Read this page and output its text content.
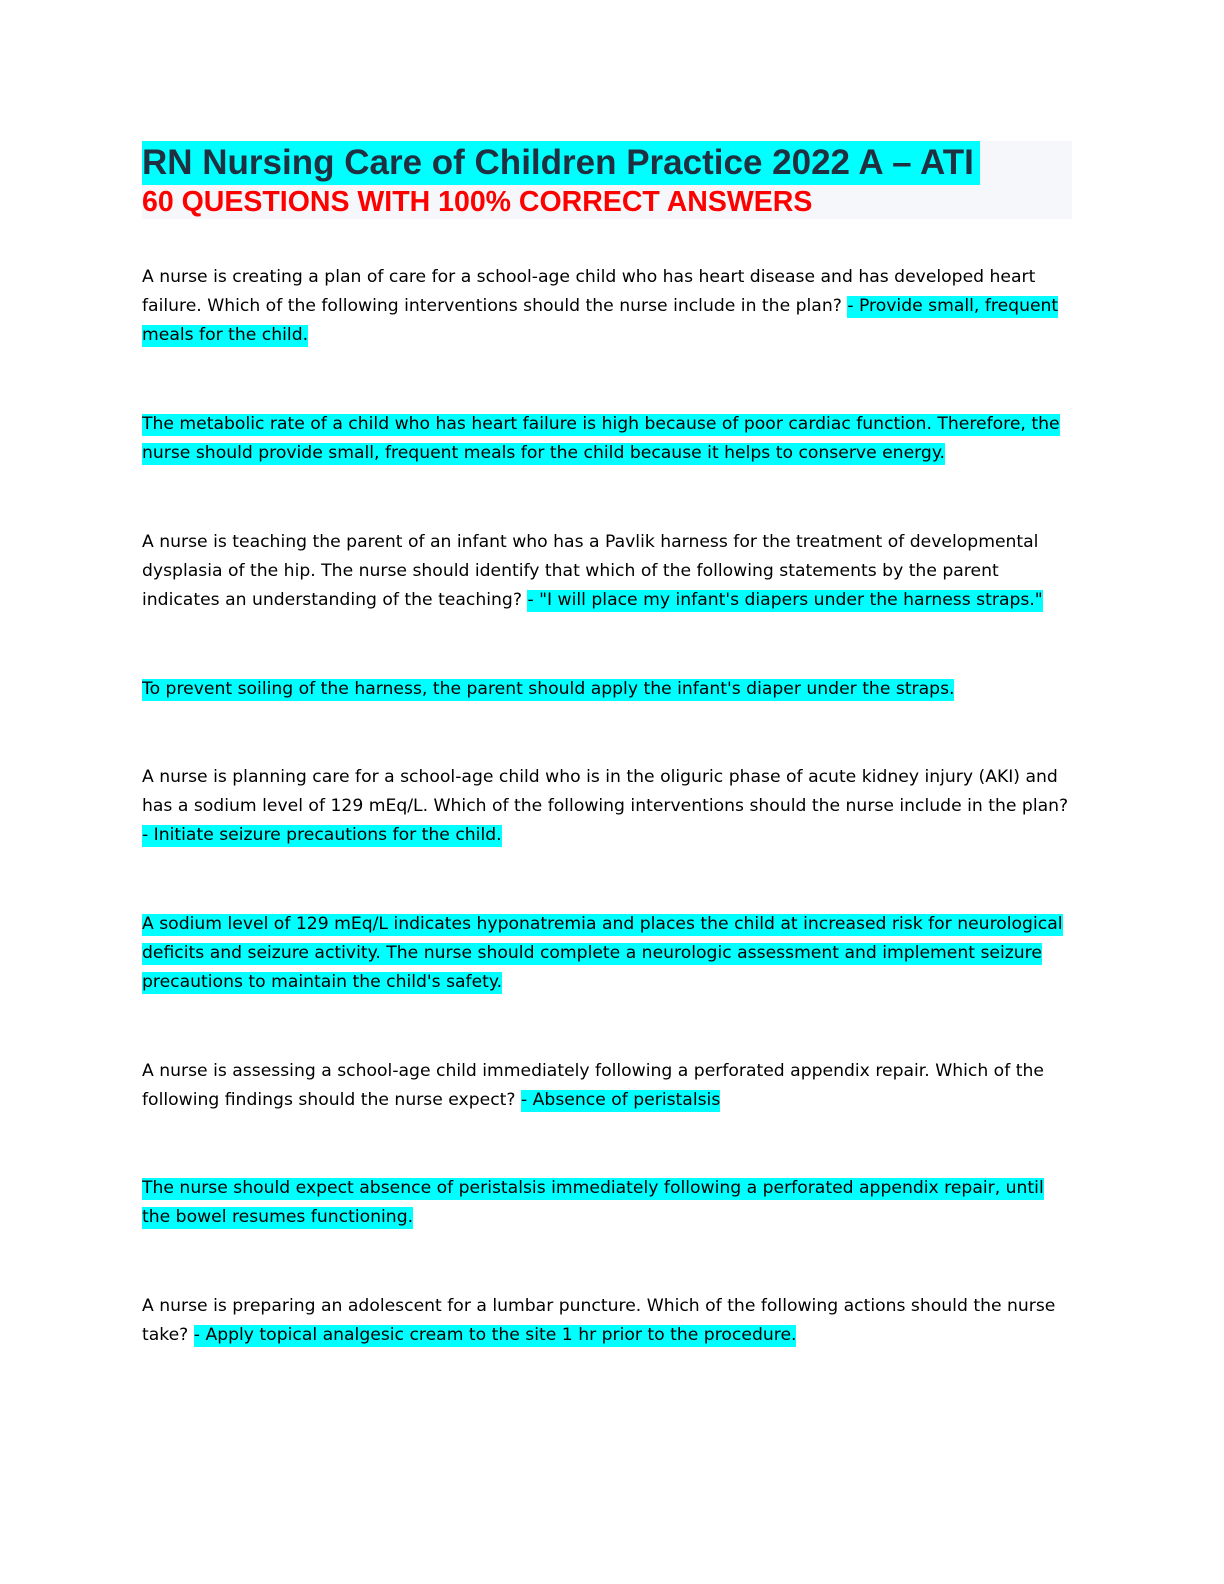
RN Nursing Care of Children Practice 2022 A – ATI
60 QUESTIONS WITH 100% CORRECT ANSWERS

A nurse is creating a plan of care for a school-age child who has heart disease and has developed heart failure. Which of the following interventions should the nurse include in the plan? - Provide small, frequent meals for the child.

The metabolic rate of a child who has heart failure is high because of poor cardiac function. Therefore, the nurse should provide small, frequent meals for the child because it helps to conserve energy.

A nurse is teaching the parent of an infant who has a Pavlik harness for the treatment of developmental dysplasia of the hip. The nurse should identify that which of the following statements by the parent indicates an understanding of the teaching? - "I will place my infant's diapers under the harness straps."

To prevent soiling of the harness, the parent should apply the infant's diaper under the straps.

A nurse is planning care for a school-age child who is in the oliguric phase of acute kidney injury (AKI) and has a sodium level of 129 mEq/L. Which of the following interventions should the nurse include in the plan? - Initiate seizure precautions for the child.

A sodium level of 129 mEq/L indicates hyponatremia and places the child at increased risk for neurological deficits and seizure activity. The nurse should complete a neurologic assessment and implement seizure precautions to maintain the child's safety.

A nurse is assessing a school-age child immediately following a perforated appendix repair. Which of the following findings should the nurse expect? - Absence of peristalsis

The nurse should expect absence of peristalsis immediately following a perforated appendix repair, until the bowel resumes functioning.

A nurse is preparing an adolescent for a lumbar puncture. Which of the following actions should the nurse take? - Apply topical analgesic cream to the site 1 hr prior to the procedure.
